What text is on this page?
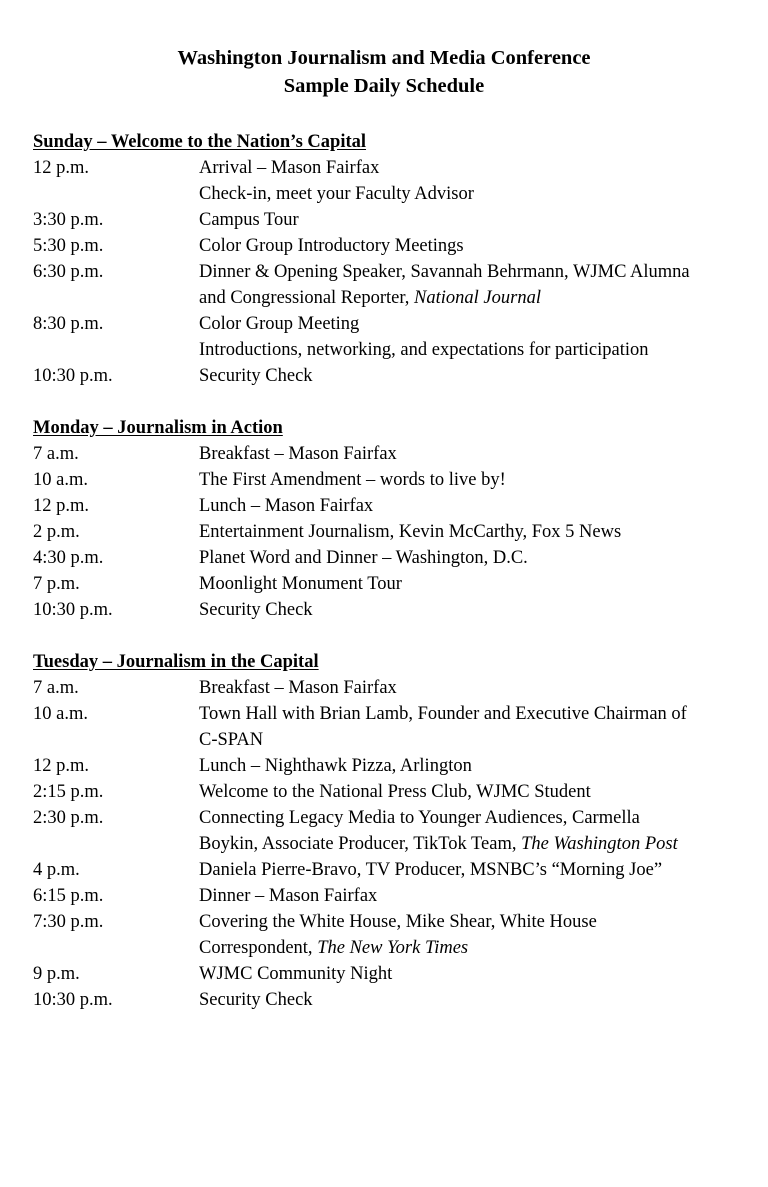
Washington Journalism and Media Conference
Sample Daily Schedule
Sunday – Welcome to the Nation’s Capital
12 p.m.	Arrival – Mason Fairfax

Check-in, meet your Faculty Advisor
3:30 p.m.	Campus Tour
5:30 p.m.	Color Group Introductory Meetings
6:30 p.m.	Dinner & Opening Speaker, Savannah Behrmann, WJMC Alumna

and Congressional Reporter, National Journal
8:30 p.m.	Color Group Meeting

Introductions, networking, and expectations for participation
10:30 p.m.	Security Check
Monday – Journalism in Action
7 a.m.	Breakfast – Mason Fairfax
10 a.m.	The First Amendment – words to live by!
12 p.m.	Lunch – Mason Fairfax
2 p.m.	Entertainment Journalism, Kevin McCarthy, Fox 5 News
4:30 p.m.	Planet Word and Dinner – Washington, D.C.
7 p.m.	Moonlight Monument Tour
10:30 p.m.	Security Check
Tuesday – Journalism in the Capital
7 a.m.	Breakfast – Mason Fairfax
10 a.m.	Town Hall with Brian Lamb, Founder and Executive Chairman of

C-SPAN
12 p.m.	Lunch – Nighthawk Pizza, Arlington
2:15 p.m.	Welcome to the National Press Club, WJMC Student
2:30 p.m.	Connecting Legacy Media to Younger Audiences, Carmella

Boykin, Associate Producer, TikTok Team, The Washington Post
4 p.m.	Daniela Pierre-Bravo, TV Producer, MSNBC’s “Morning Joe”
6:15 p.m.	Dinner – Mason Fairfax
7:30 p.m.	Covering the White House, Mike Shear, White House

Correspondent, The New York Times
9 p.m.	WJMC Community Night
10:30 p.m.	Security Check
